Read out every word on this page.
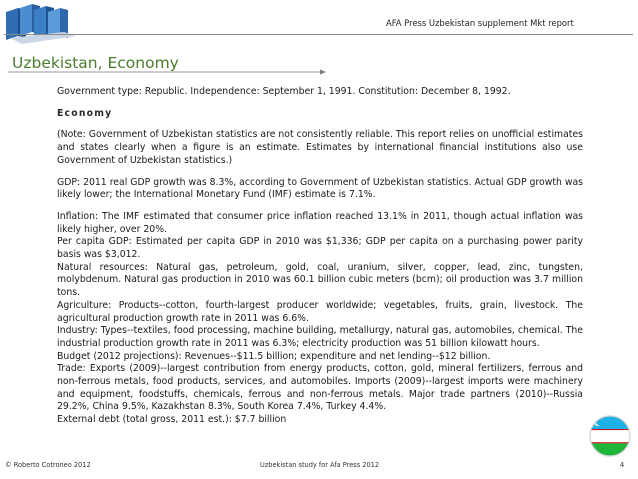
AFA Press Uzbekistan supplement Mkt report
Uzbekistan, Economy

Government type: Republic. Independence: September 1, 1991. Constitution: December 8, 1992.

Economy

(Note: Government of Uzbekistan statistics are not consistently reliable. This report relies on unofficial estimates and states clearly when a figure is an estimate. Estimates by international financial institutions also use Government of Uzbekistan statistics.)

GDP: 2011 real GDP growth was 8.3%, according to Government of Uzbekistan statistics. Actual GDP growth was likely lower; the International Monetary Fund (IMF) estimate is 7.1%.

Inflation: The IMF estimated that consumer price inflation reached 13.1% in 2011, though actual inflation was likely higher, over 20%.

Per capita GDP: Estimated per capita GDP in 2010 was $1,336; GDP per capita on a purchasing power parity basis was $3,012.

Natural resources: Natural gas, petroleum, gold, coal, uranium, silver, copper, lead, zinc, tungsten, molybdenum. Natural gas production in 2010 was 60.1 billion cubic meters (bcm); oil production was 3.7 million tons.

Agriculture: Products--cotton, fourth-largest producer worldwide; vegetables, fruits, grain, livestock. The agricultural production growth rate in 2011 was 6.6%.

Industry: Types--textiles, food processing, machine building, metallurgy, natural gas, automobiles, chemical. The industrial production growth rate in 2011 was 6.3%; electricity production was 51 billion kilowatt hours.

Budget (2012 projections): Revenues--$11.5 billion; expenditure and net lending--$12 billion.

Trade: Exports (2009)--largest contribution from energy products, cotton, gold, mineral fertilizers, ferrous and non-ferrous metals, food products, services, and automobiles. Imports (2009)--largest imports were machinery and equipment, foodstuffs, chemicals, ferrous and non-ferrous metals. Major trade partners (2010)--Russia 29.2%, China 9.5%, Kazakhstan 8.3%, South Korea 7.4%, Turkey 4.4%.

External debt (total gross, 2011 est.): $7.7 billion

© Roberto Cotroneo 2012	Uzbekistan study for Afa Press 2012	4
